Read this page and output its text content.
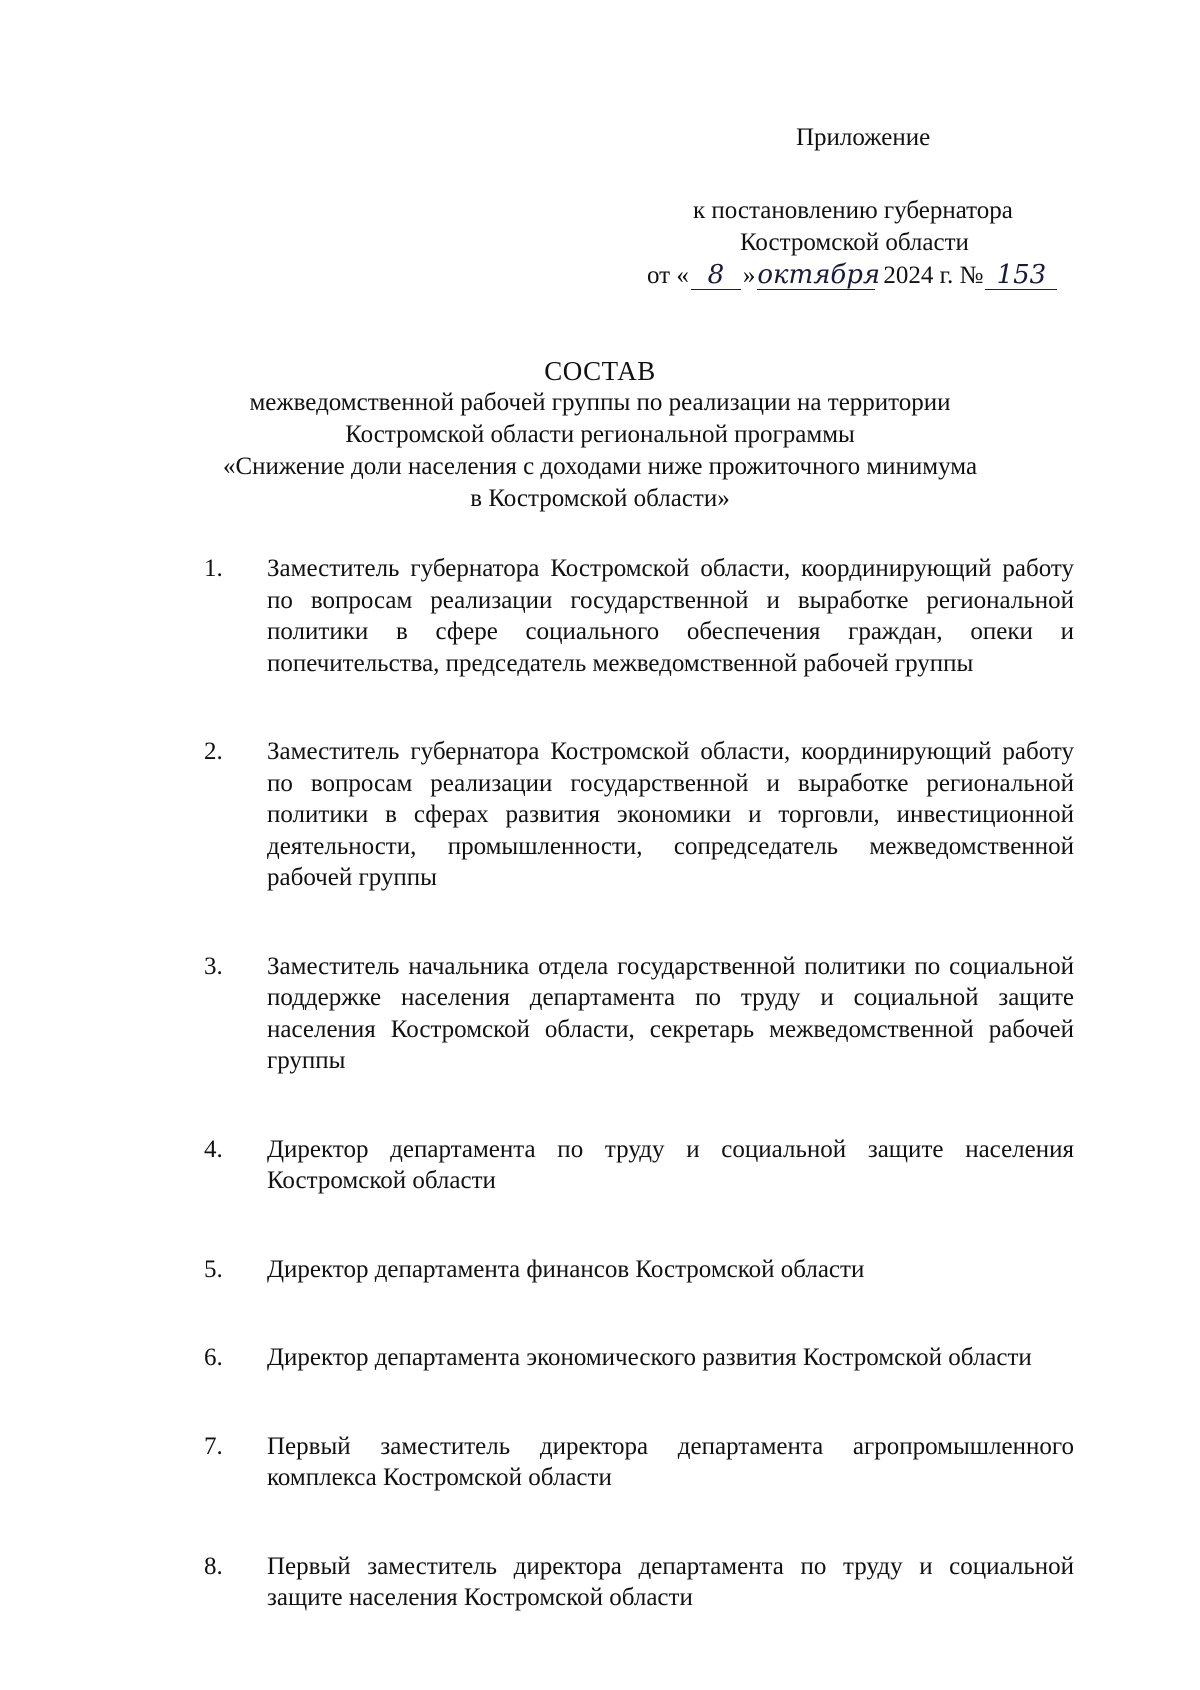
Приложение
к постановлению губернатора
Костромской области
от « 8 » октября 2024 г. № 153
СОСТАВ
межведомственной рабочей группы по реализации на территории
Костромской области региональной программы
«Снижение доли населения с доходами ниже прожиточного минимума
в Костромской области»
1.	Заместитель губернатора Костромской области, координирующий работу по вопросам реализации государственной и выработке региональной политики в сфере социального обеспечения граждан, опеки и попечительства, председатель межведомственной рабочей группы
2.	Заместитель губернатора Костромской области, координирующий работу по вопросам реализации государственной и выработке региональной политики в сферах развития экономики и торговли, инвестиционной деятельности, промышленности, сопредседатель межведомственной рабочей группы
3.	Заместитель начальника отдела государственной политики по социальной поддержке населения департамента по труду и социальной защите населения Костромской области, секретарь межведомственной рабочей группы
4.	Директор департамента по труду и социальной защите населения Костромской области
5.	Директор департамента финансов Костромской области
6.	Директор департамента экономического развития Костромской области
7.	Первый заместитель директора департамента агропромышленного комплекса Костромской области
8.	Первый заместитель директора департамента по труду и социальной защите населения Костромской области
